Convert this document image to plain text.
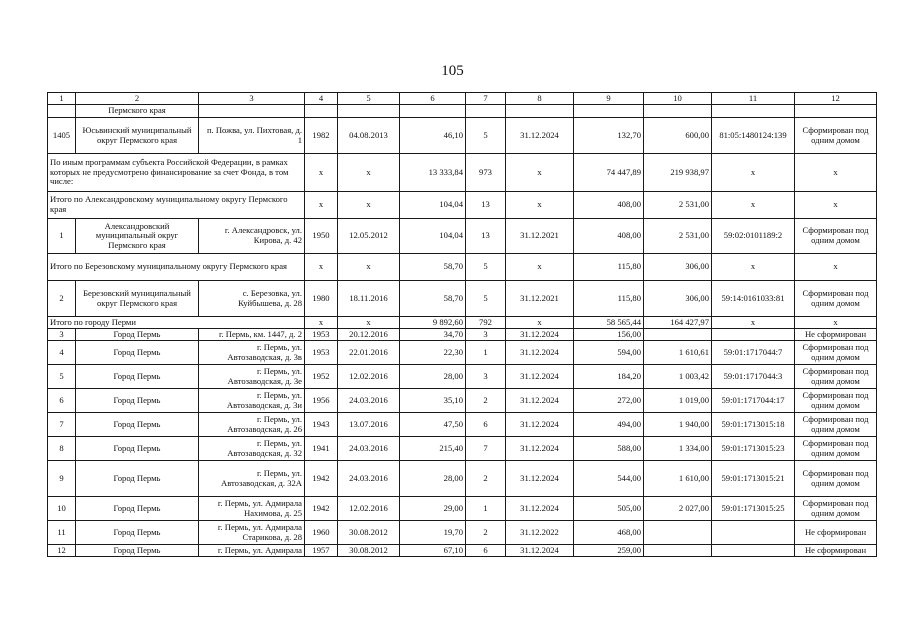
105
1	2	3	4	5	6	7	8	9	10	11	12
	Пермского края										
1405	Юсьвинский муниципальный округ Пермского края	п. Пожва, ул. Пихтовая, д. 1	1982	04.08.2013	46,10	5	31.12.2024	132,70	600,00	81:05:1480124:139	Сформирован под одним домом
По иным программам субъекта Российской Федерации, в рамках которых не предусмотрено финансирование за счет Фонда, в том числе:			x	x	13 333,84	973	x	74 447,89	219 938,97	x	x
Итого по Александровскому муниципальному округу Пермского края			x	x	104,04	13	x	408,00	2 531,00	x	x
1	Александровский муниципальный округ Пермского края	г. Александровск, ул. Кирова, д. 42	1950	12.05.2012	104,04	13	31.12.2021	408,00	2 531,00	59:02:0101189:2	Сформирован под одним домом
Итого по Березовскому муниципальному округу Пермского края			x	x	58,70	5	x	115,80	306,00	x	x
2	Березовский муниципальный округ Пермского края	с. Березовка, ул. Куйбышева, д. 28	1980	18.11.2016	58,70	5	31.12.2021	115,80	306,00	59:14:0161033:81	Сформирован под одним домом
Итого по городу Перми			x	x	9 892,60	792	x	58 565,44	164 427,97	x	x
3	Город Пермь	г. Пермь, км. 1447, д. 2	1953	20.12.2016	34,70	3	31.12.2024	156,00			Не сформирован
4	Город Пермь	г. Пермь, ул. Автозаводская, д. 3в	1953	22.01.2016	22,30	1	31.12.2024	594,00	1 610,61	59:01:1717044:7	Сформирован под одним домом
5	Город Пермь	г. Пермь, ул. Автозаводская, д. 3е	1952	12.02.2016	28,00	3	31.12.2024	184,20	1 003,42	59:01:1717044:3	Сформирован под одним домом
6	Город Пермь	г. Пермь, ул. Автозаводская, д. 3и	1956	24.03.2016	35,10	2	31.12.2024	272,00	1 019,00	59:01:1717044:17	Сформирован под одним домом
7	Город Пермь	г. Пермь, ул. Автозаводская, д. 26	1943	13.07.2016	47,50	6	31.12.2024	494,00	1 940,00	59:01:1713015:18	Сформирован под одним домом
8	Город Пермь	г. Пермь, ул. Автозаводская, д. 32	1941	24.03.2016	215,40	7	31.12.2024	588,00	1 334,00	59:01:1713015:23	Сформирован под одним домом
9	Город Пермь	г. Пермь, ул. Автозаводская, д. 32А	1942	24.03.2016	28,00	2	31.12.2024	544,00	1 610,00	59:01:1713015:21	Сформирован под одним домом
10	Город Пермь	г. Пермь, ул. Адмирала Нахимова, д. 25	1942	12.02.2016	29,00	1	31.12.2024	505,00	2 027,00	59:01:1713015:25	Сформирован под одним домом
11	Город Пермь	г. Пермь, ул. Адмирала Старикова, д. 28	1960	30.08.2012	19,70	2	31.12.2022	468,00			Не сформирован
12	Город Пермь	г. Пермь, ул. Адмирала	1957	30.08.2012	67,10	6	31.12.2024	259,00			Не сформирован
